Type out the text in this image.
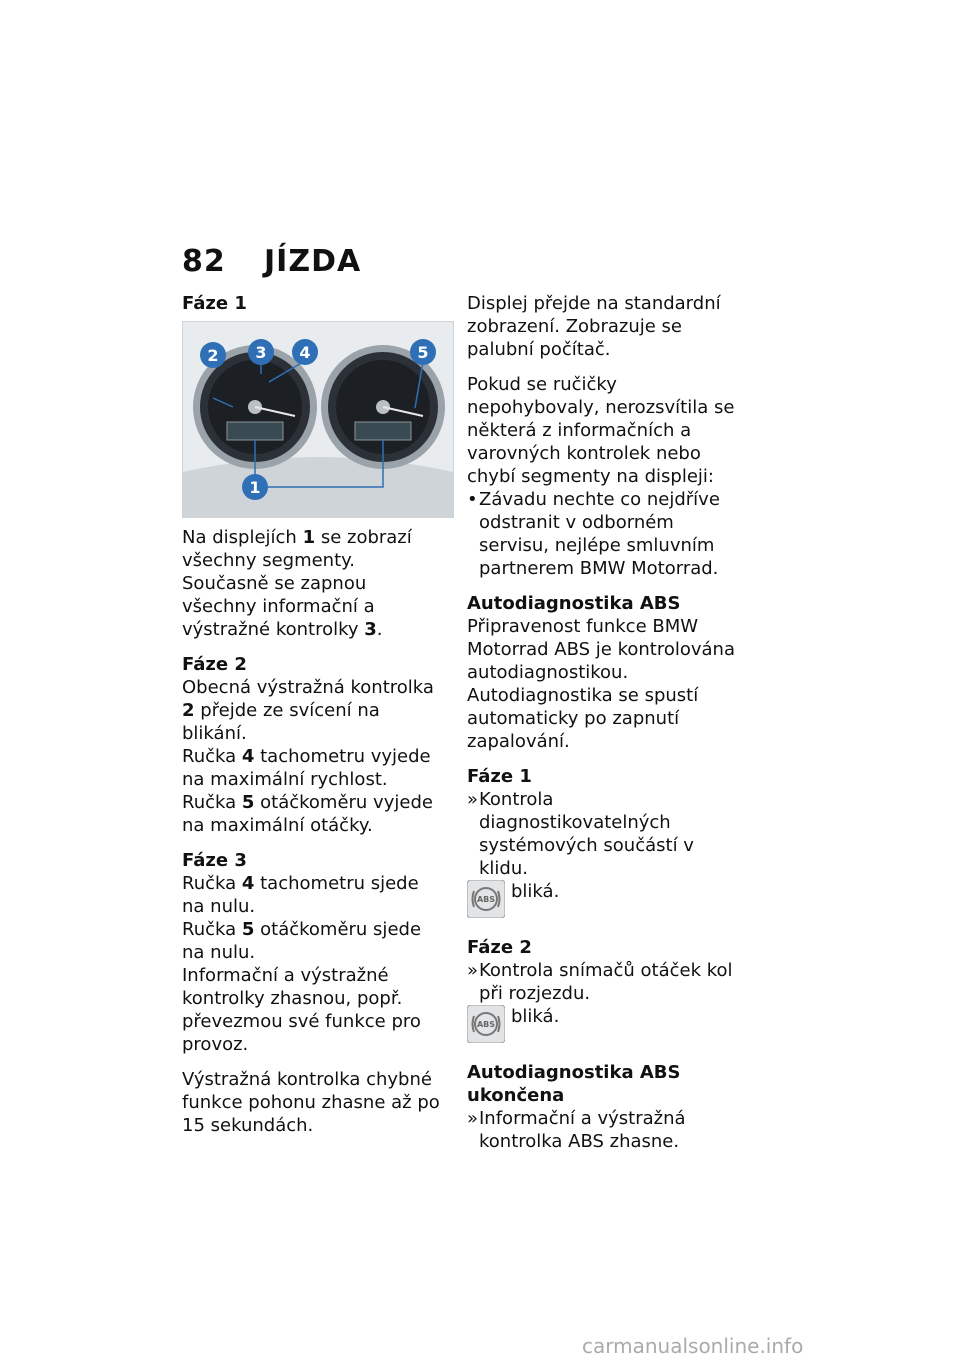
82 JÍZDA

Fáze 1

2 3 4	5
1

Na displejích 1 se zobrazí všechny segmenty.

Současně se zapnou všechny informační a výstražné kontrolky 3.

Fáze 2

Obecná výstražná kontrolka 2 přejde ze svícení na blikání.

Ručka 4 tachometru vyjede na maximální rychlost.

Ručka 5 otáčkoměru vyjede na maximální otáčky.

Fáze 3

Ručka 4 tachometru sjede na nulu.

Ručka 5 otáčkoměru sjede na nulu.

Informační a výstražné kontrolky zhasnou, popř. převezmou své funkce pro provoz.

Výstražná kontrolka chybné funkce pohonu zhasne až po 15 sekundách.

Displej přejde na standardní zobrazení. Zobrazuje se palubní počítač.

Pokud se ručičky nepohybovaly, nerozsvítila se některá z informačních a varovných kontrolek nebo chybí segmenty na displeji:

• Závadu nechte co nejdříve odstranit v odborném servisu, nejlépe smluvním partnerem BMW Motorrad.

Autodiagnostika ABS

Připravenost funkce BMW Motorrad ABS je kontrolována autodiagnostikou.

Autodiagnostika se spustí automaticky po zapnutí zapalování.

Fáze 1

» Kontrola diagnostikovatelných systémových součástí v klidu.
ABS bliká.

Fáze 2

» Kontrola snímačů otáček kol při rozjezdu.
ABS bliká.

Autodiagnostika ABS ukončena

» Informační a výstražná kontrolka ABS zhasne.
carmanualsonline.info
